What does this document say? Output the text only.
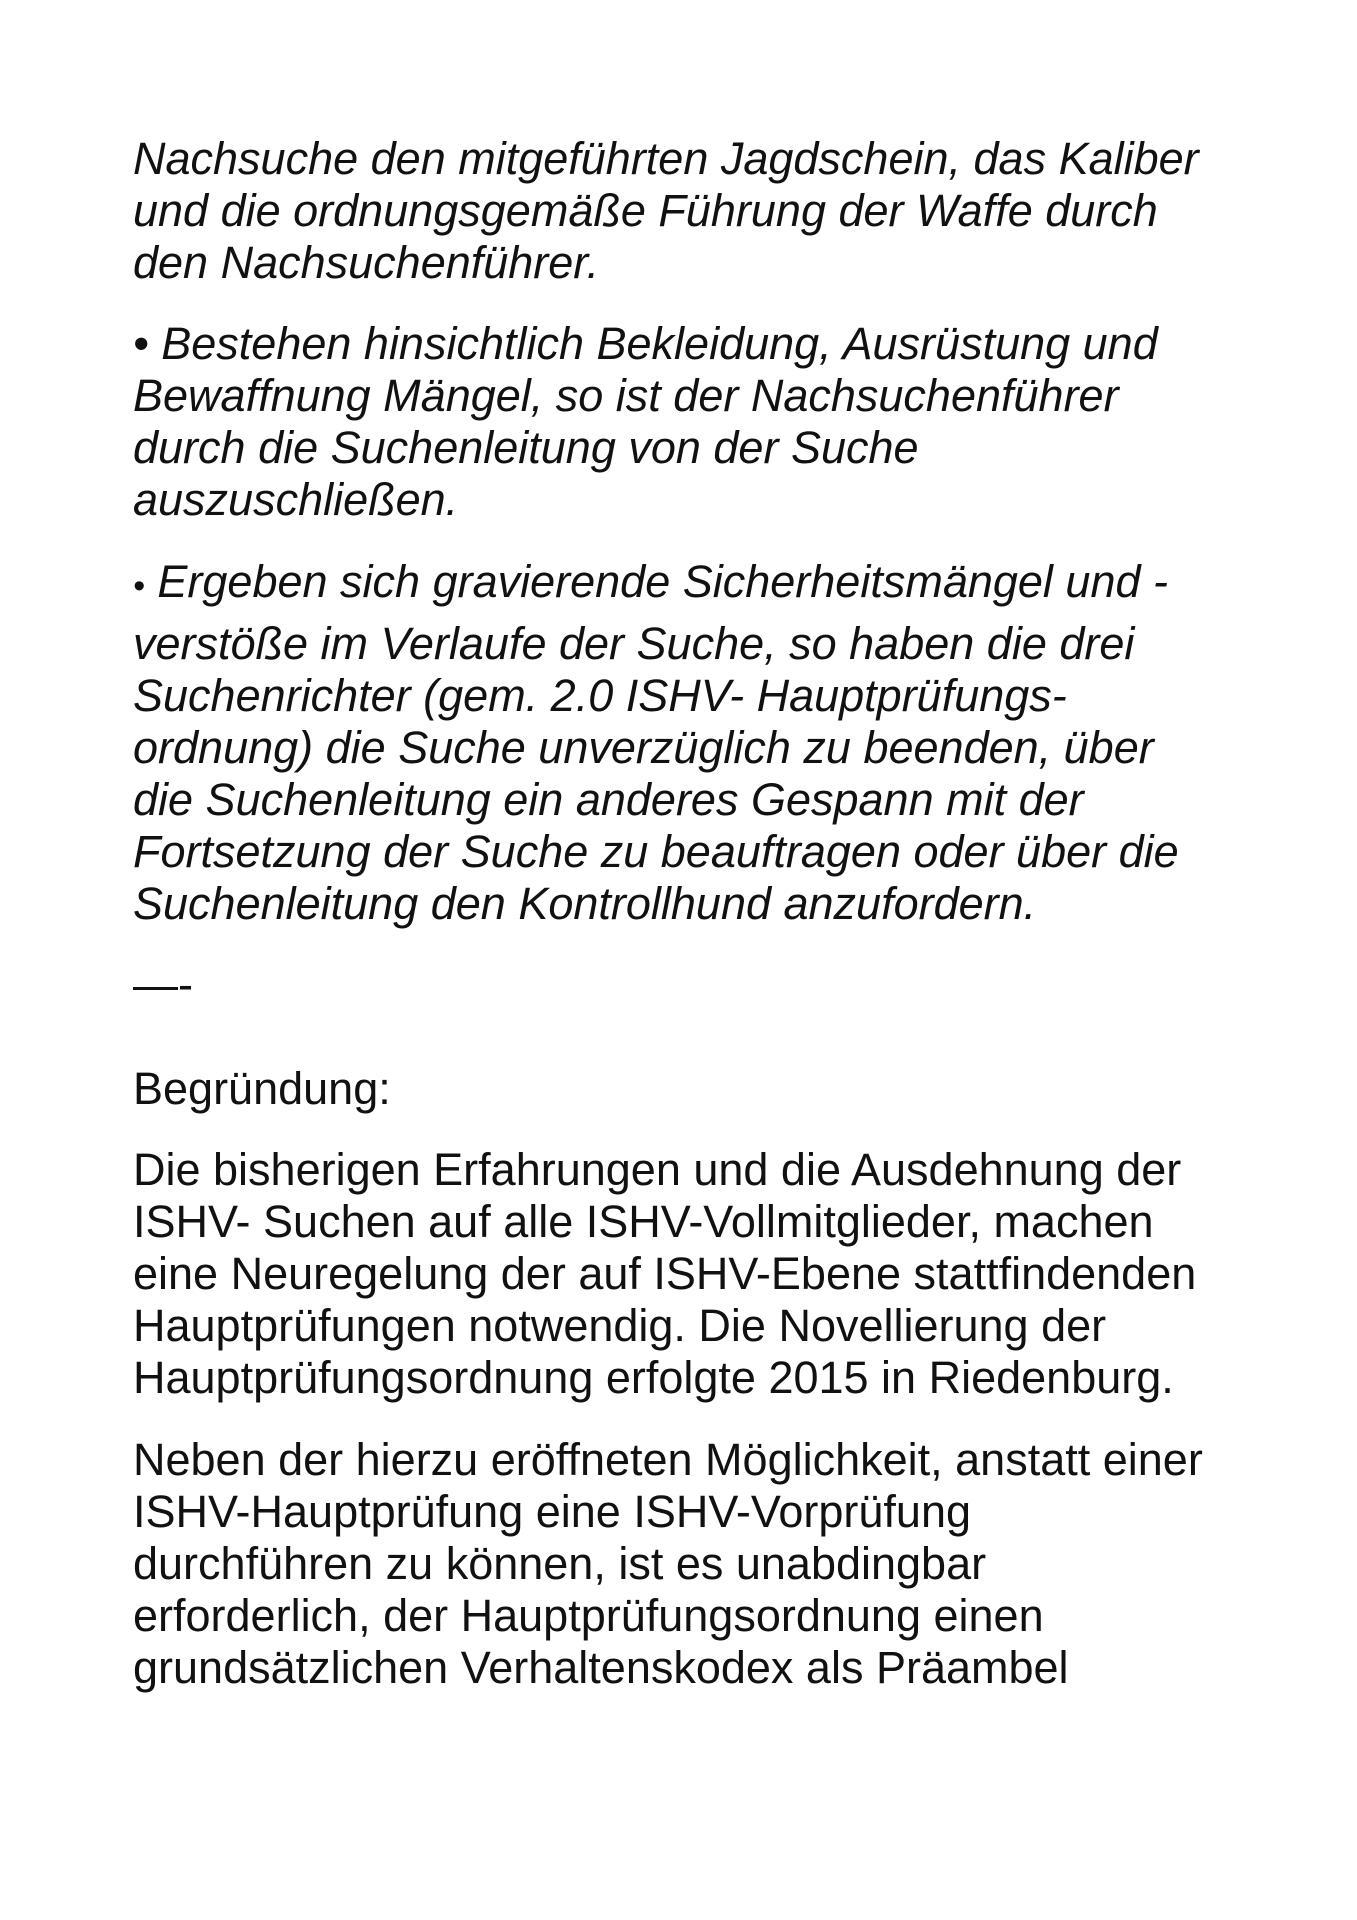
Nachsuche den mitgeführten Jagdschein, das Kaliber

und die ordnungsgemäße Führung der Waffe durch

den Nachsuchenführer.

• Bestehen hinsichtlich Bekleidung, Ausrüstung und

Bewaffnung Mängel, so ist der Nachsuchenführer

durch die Suchenleitung von der Suche

auszuschließen.

• Ergeben sich gravierende Sicherheitsmängel und -

verstöße im Verlaufe der Suche, so haben die drei

Suchenrichter (gem. 2.0 ISHV- Hauptprüfungs-

ordnung) die Suche unverzüglich zu beenden, über

die Suchenleitung ein anderes Gespann mit der

Fortsetzung der Suche zu beauftragen oder über die

Suchenleitung den Kontrollhund anzufordern.

—-

Begründung:

Die bisherigen Erfahrungen und die Ausdehnung der

ISHV- Suchen auf alle ISHV-Vollmitglieder, machen

eine Neuregelung der auf ISHV-Ebene stattfindenden

Hauptprüfungen notwendig. Die Novellierung der

Hauptprüfungsordnung erfolgte 2015 in Riedenburg.

Neben der hierzu eröffneten Möglichkeit, anstatt einer

ISHV-Hauptprüfung eine ISHV-Vorprüfung

durchführen zu können, ist es unabdingbar

erforderlich, der Hauptprüfungsordnung einen

grundsätzlichen Verhaltenskodex als Präambel
